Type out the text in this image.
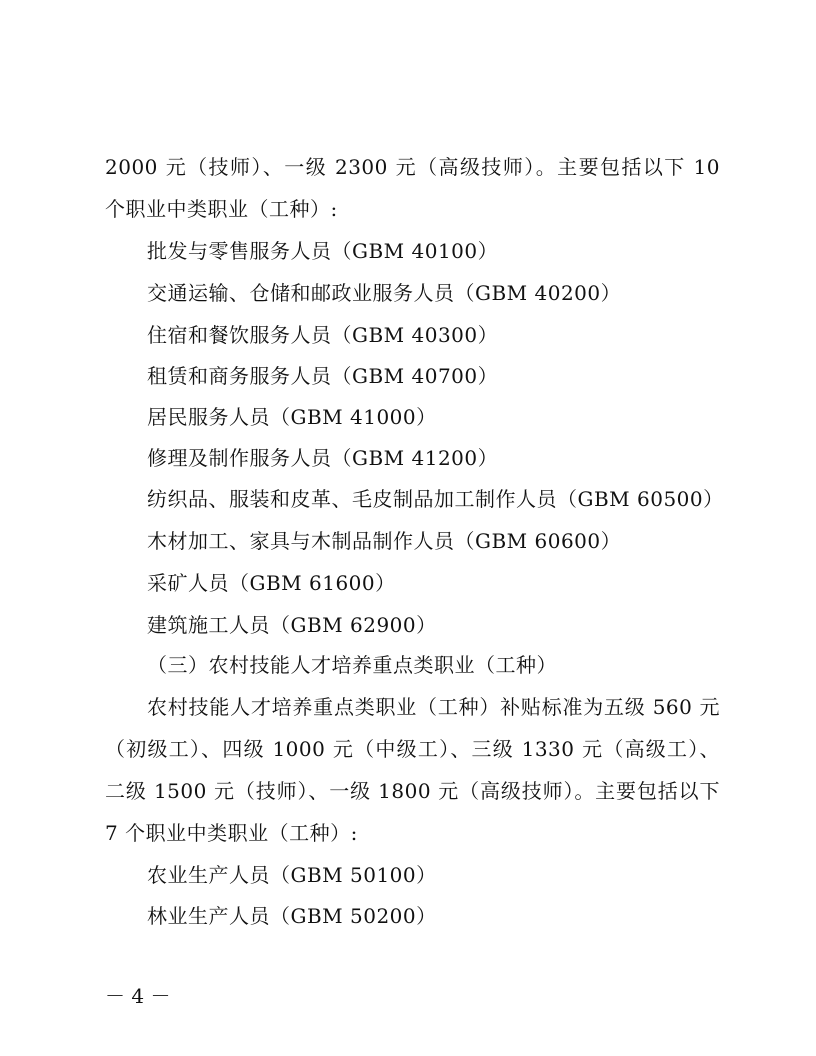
2000 元（技师）、一级 2300 元（高级技师）。主要包括以下 10
个职业中类职业（工种）:
批发与零售服务人员（GBM 40100）
交通运输、仓储和邮政业服务人员（GBM 40200）
住宿和餐饮服务人员（GBM 40300）
租赁和商务服务人员（GBM 40700）
居民服务人员（GBM 41000）
修理及制作服务人员（GBM 41200）
纺织品、服装和皮革、毛皮制品加工制作人员（GBM 60500）
木材加工、家具与木制品制作人员（GBM 60600）
采矿人员（GBM 61600）
建筑施工人员（GBM 62900）
（三）农村技能人才培养重点类职业（工种）
农村技能人才培养重点类职业（工种）补贴标准为五级 560 元
（初级工）、四级 1000 元（中级工）、三级 1330 元（高级工）、
二级 1500 元（技师）、一级 1800 元（高级技师）。主要包括以下
7 个职业中类职业（工种）:
农业生产人员（GBM 50100）
林业生产人员（GBM 50200）
－ 4 －
